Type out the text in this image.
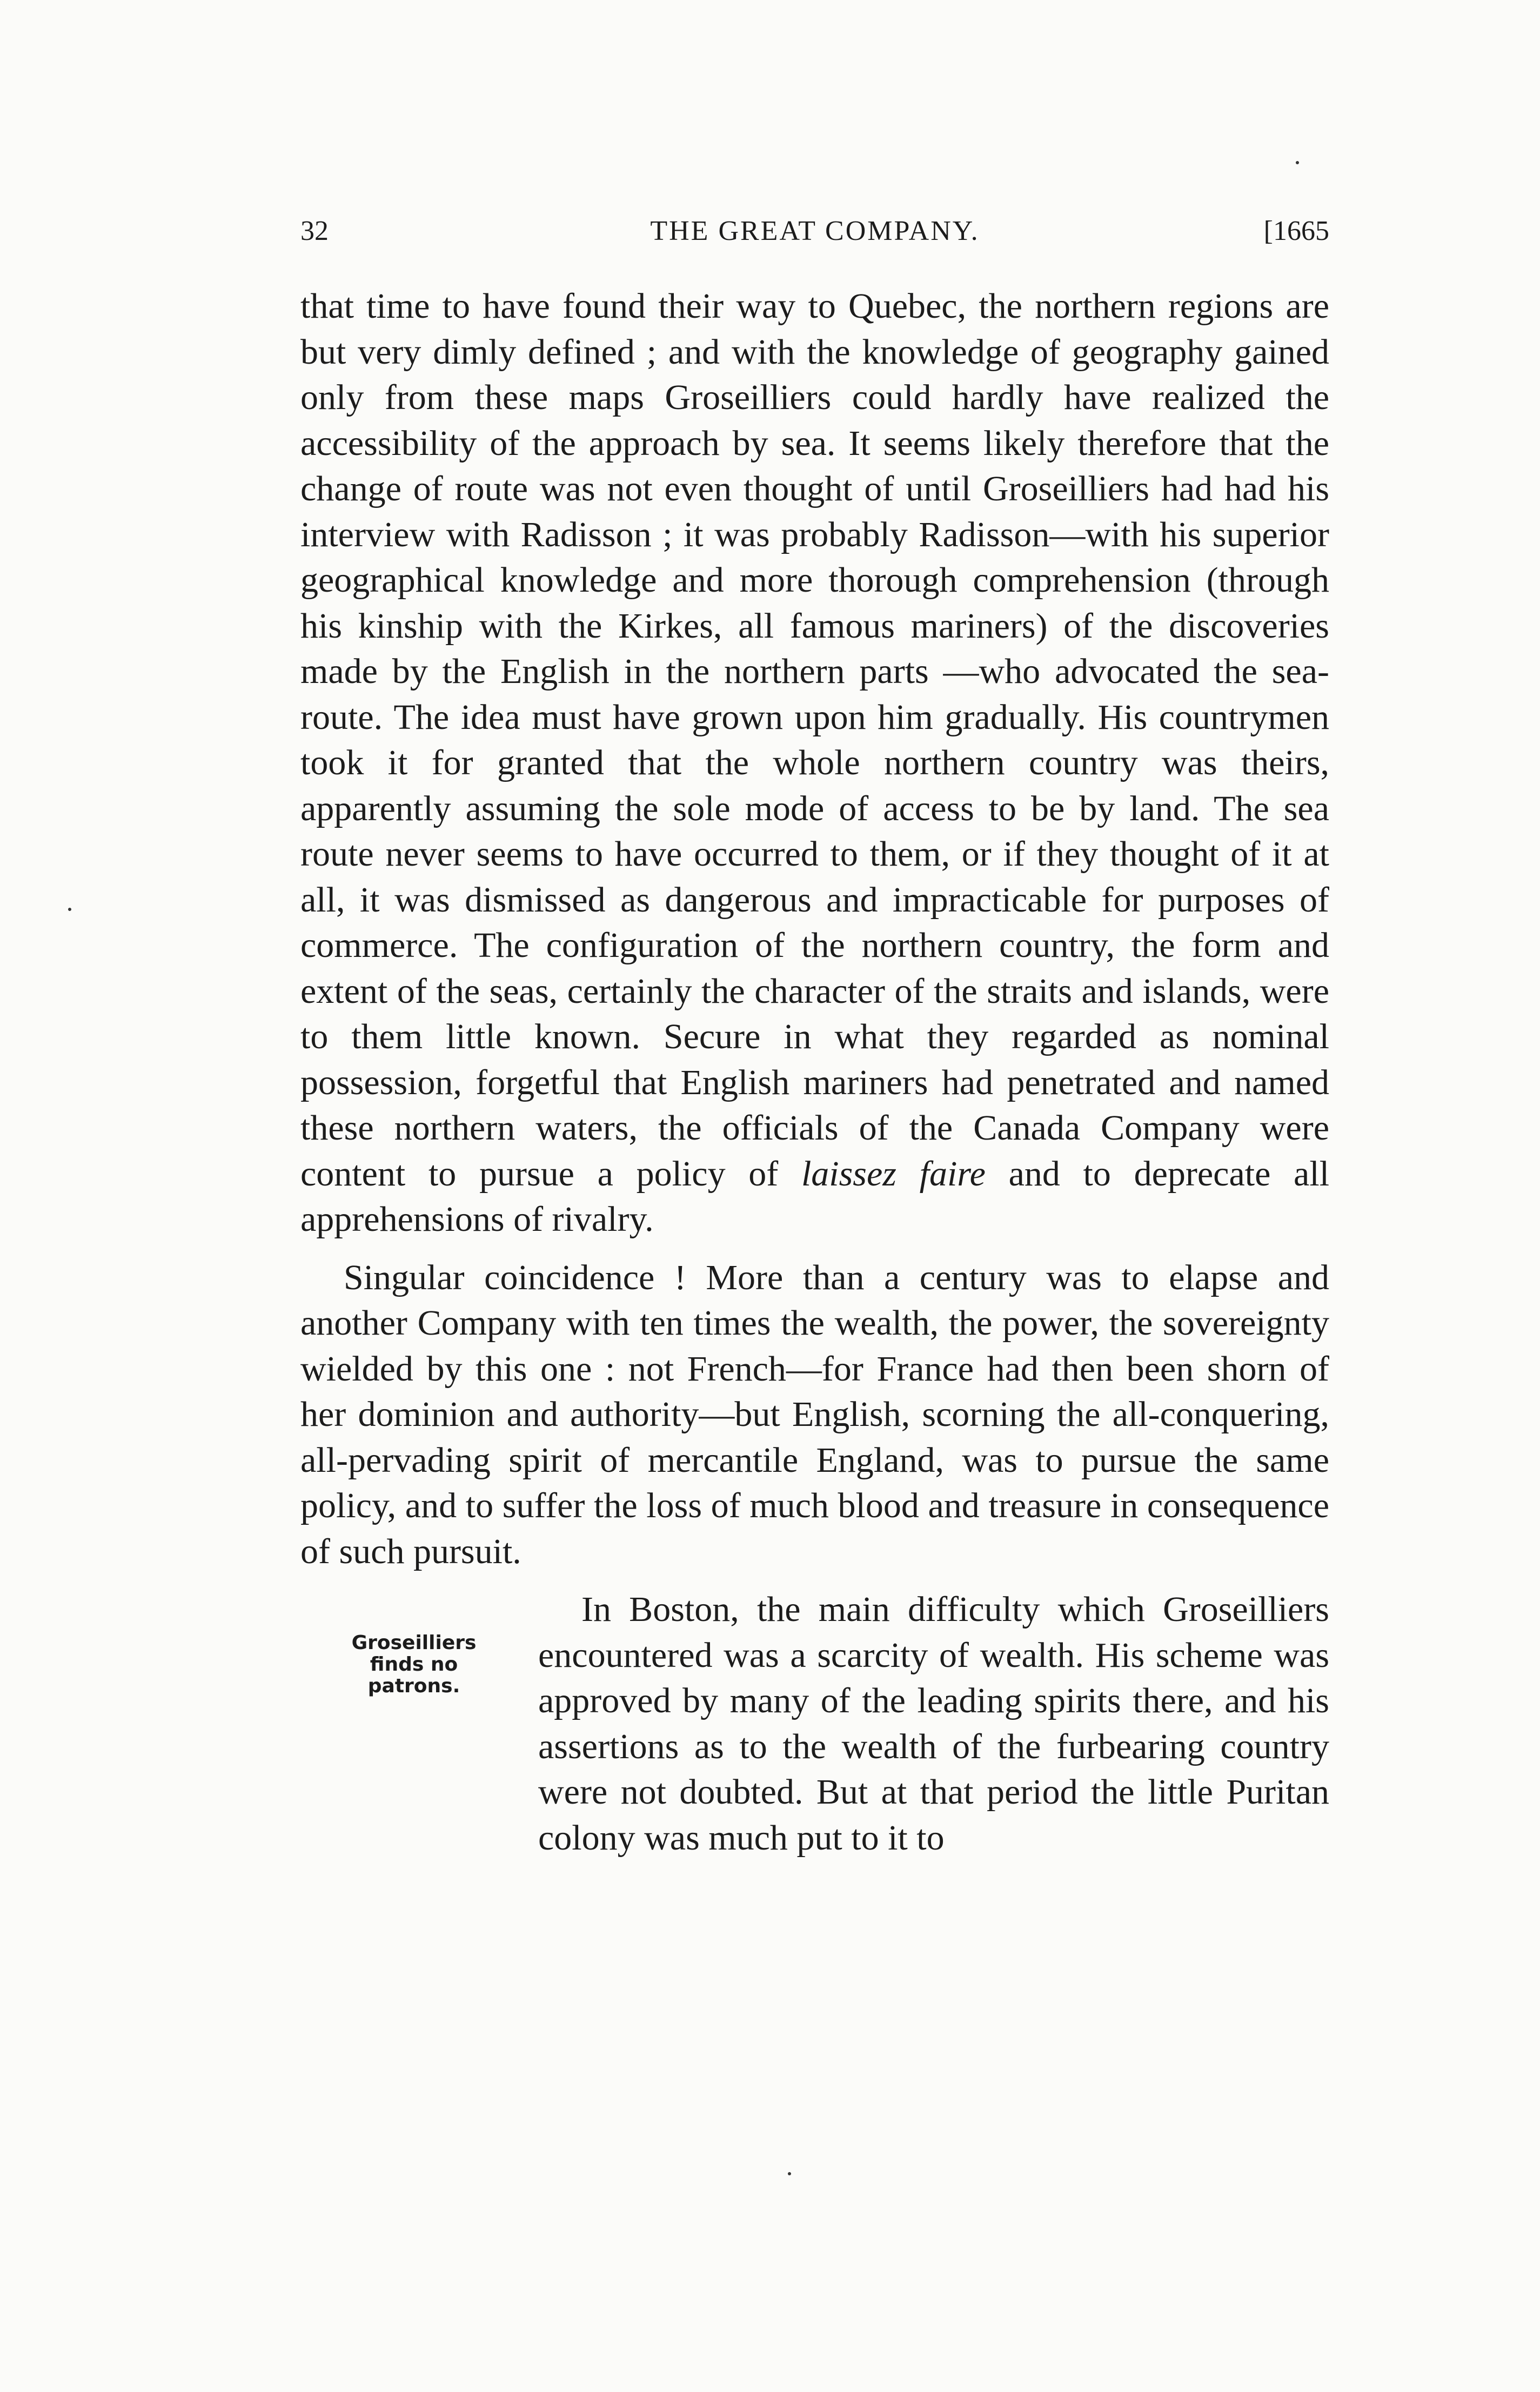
32	THE GREAT COMPANY.	[1665

that time to have found their way to Quebec, the northern regions are but very dimly defined ; and with the knowledge of geography gained only from these maps Groseilliers could hardly have realized the accessibility of the approach by sea. It seems likely therefore that the change of route was not even thought of until Groseilliers had had his interview with Radisson ; it was probably Radisson—with his superior geographical knowledge and more thorough comprehension (through his kinship with the Kirkes, all famous mariners) of the discoveries made by the English in the northern parts —who advocated the sea-route. The idea must have grown upon him gradually. His countrymen took it for granted that the whole northern country was theirs, apparently assuming the sole mode of access to be by land. The sea route never seems to have occurred to them, or if they thought of it at all, it was dismissed as dangerous and impracticable for purposes of commerce. The configuration of the northern country, the form and extent of the seas, certainly the character of the straits and islands, were to them little known. Secure in what they regarded as nominal possession, forgetful that English mariners had penetrated and named these northern waters, the officials of the Canada Company were content to pursue a policy of laissez faire and to deprecate all apprehensions of rivalry.

Singular coincidence ! More than a century was to elapse and another Company with ten times the wealth, the power, the sovereignty wielded by this one : not French—for France had then been shorn of her dominion and authority—but English, scorning the all-conquering, all-pervading spirit of mercantile England, was to pursue the same policy, and to suffer the loss of much blood and treasure in consequence of such pursuit.

Groseilliers
finds no
patrons.
In Boston, the main difficulty which Groseilliers encountered was a scarcity of wealth. His scheme was approved by many of the leading spirits there, and his assertions as to the wealth of the furbearing country were not doubted. But at that period the little Puritan colony was much put to it to
